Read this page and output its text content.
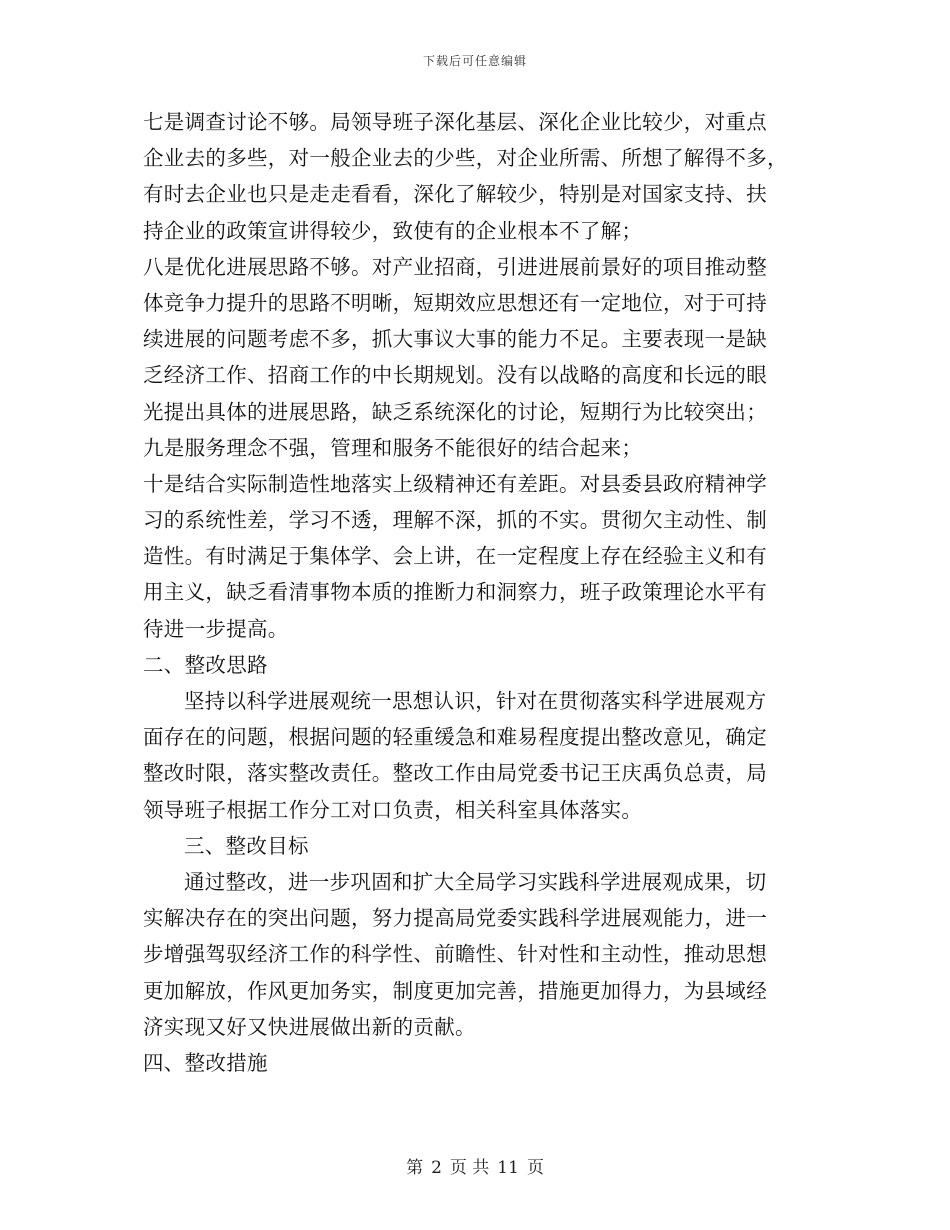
下载后可任意编辑
七是调查讨论不够。局领导班子深化基层、深化企业比较少，对重点
企业去的多些，对一般企业去的少些，对企业所需、所想了解得不多，
有时去企业也只是走走看看，深化了解较少，特别是对国家支持、扶
持企业的政策宣讲得较少，致使有的企业根本不了解；
八是优化进展思路不够。对产业招商，引进进展前景好的项目推动整
体竞争力提升的思路不明晰，短期效应思想还有一定地位，对于可持
续进展的问题考虑不多，抓大事议大事的能力不足。主要表现一是缺
乏经济工作、招商工作的中长期规划。没有以战略的高度和长远的眼
光提出具体的进展思路，缺乏系统深化的讨论，短期行为比较突出；
九是服务理念不强，管理和服务不能很好的结合起来；
十是结合实际制造性地落实上级精神还有差距。对县委县政府精神学
习的系统性差，学习不透，理解不深，抓的不实。贯彻欠主动性、制
造性。有时满足于集体学、会上讲，在一定程度上存在经验主义和有
用主义，缺乏看清事物本质的推断力和洞察力，班子政策理论水平有
待进一步提高。
二、整改思路
坚持以科学进展观统一思想认识，针对在贯彻落实科学进展观方
面存在的问题，根据问题的轻重缓急和难易程度提出整改意见，确定
整改时限，落实整改责任。整改工作由局党委书记王庆禹负总责，局
领导班子根据工作分工对口负责，相关科室具体落实。
三、整改目标
通过整改，进一步巩固和扩大全局学习实践科学进展观成果，切
实解决存在的突出问题，努力提高局党委实践科学进展观能力，进一
步增强驾驭经济工作的科学性、前瞻性、针对性和主动性，推动思想
更加解放，作风更加务实，制度更加完善，措施更加得力，为县域经
济实现又好又快进展做出新的贡献。
四、整改措施
第 2 页 共 11 页
